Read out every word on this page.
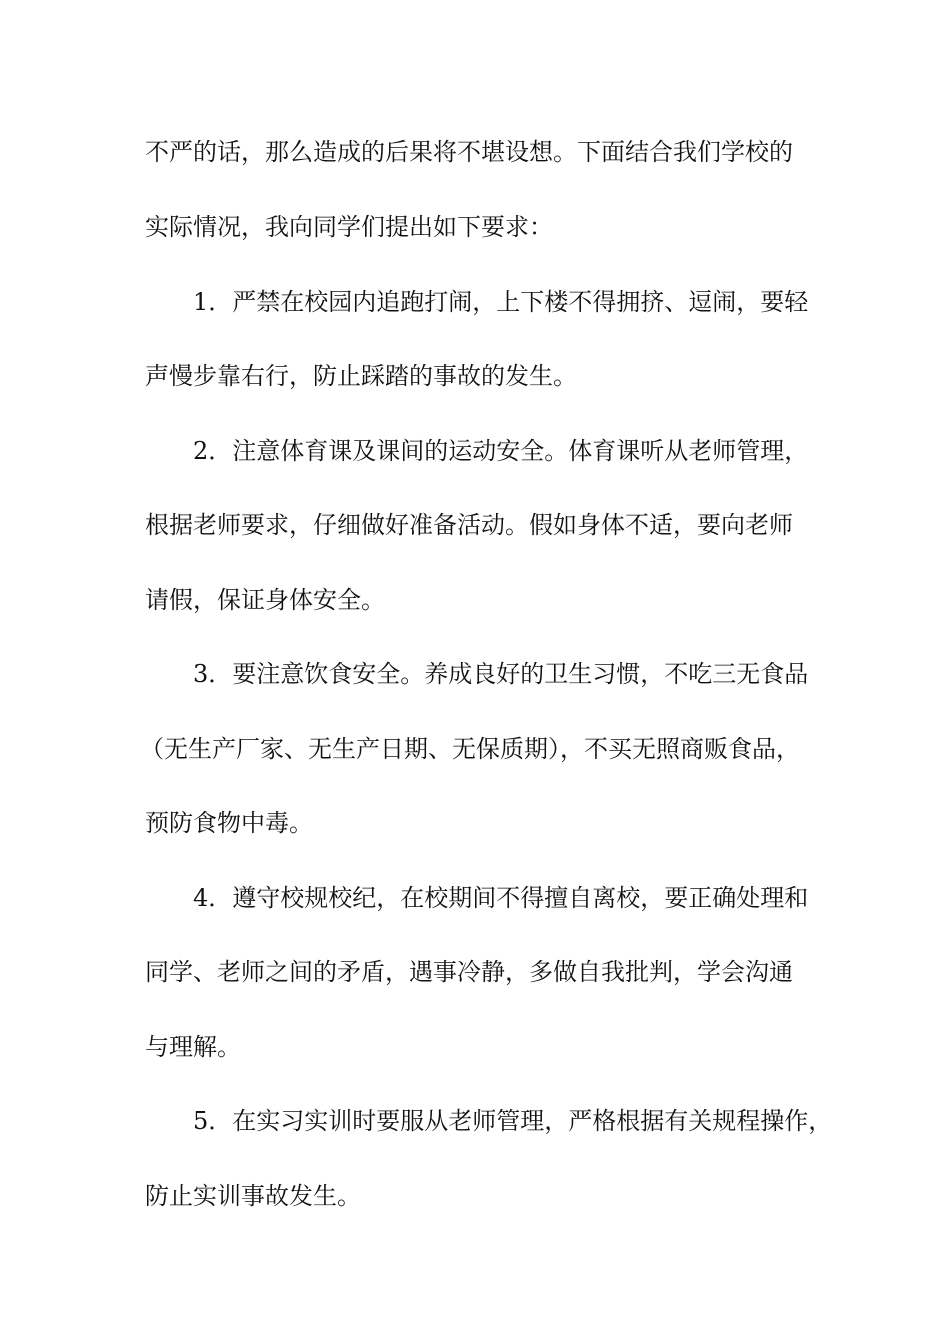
不严的话，那么造成的后果将不堪设想。下面结合我们学校的
实际情况，我向同学们提出如下要求：
1．严禁在校园内追跑打闹，上下楼不得拥挤、逗闹，要轻
声慢步靠右行，防止踩踏的事故的发生。
2．注意体育课及课间的运动安全。体育课听从老师管理，
根据老师要求，仔细做好准备活动。假如身体不适，要向老师
请假，保证身体安全。
3．要注意饮食安全。养成良好的卫生习惯，不吃三无食品
（无生产厂家、无生产日期、无保质期），不买无照商贩食品，
预防食物中毒。
4．遵守校规校纪，在校期间不得擅自离校，要正确处理和
同学、老师之间的矛盾，遇事冷静，多做自我批判，学会沟通
与理解。
5．在实习实训时要服从老师管理，严格根据有关规程操作，
防止实训事故发生。
